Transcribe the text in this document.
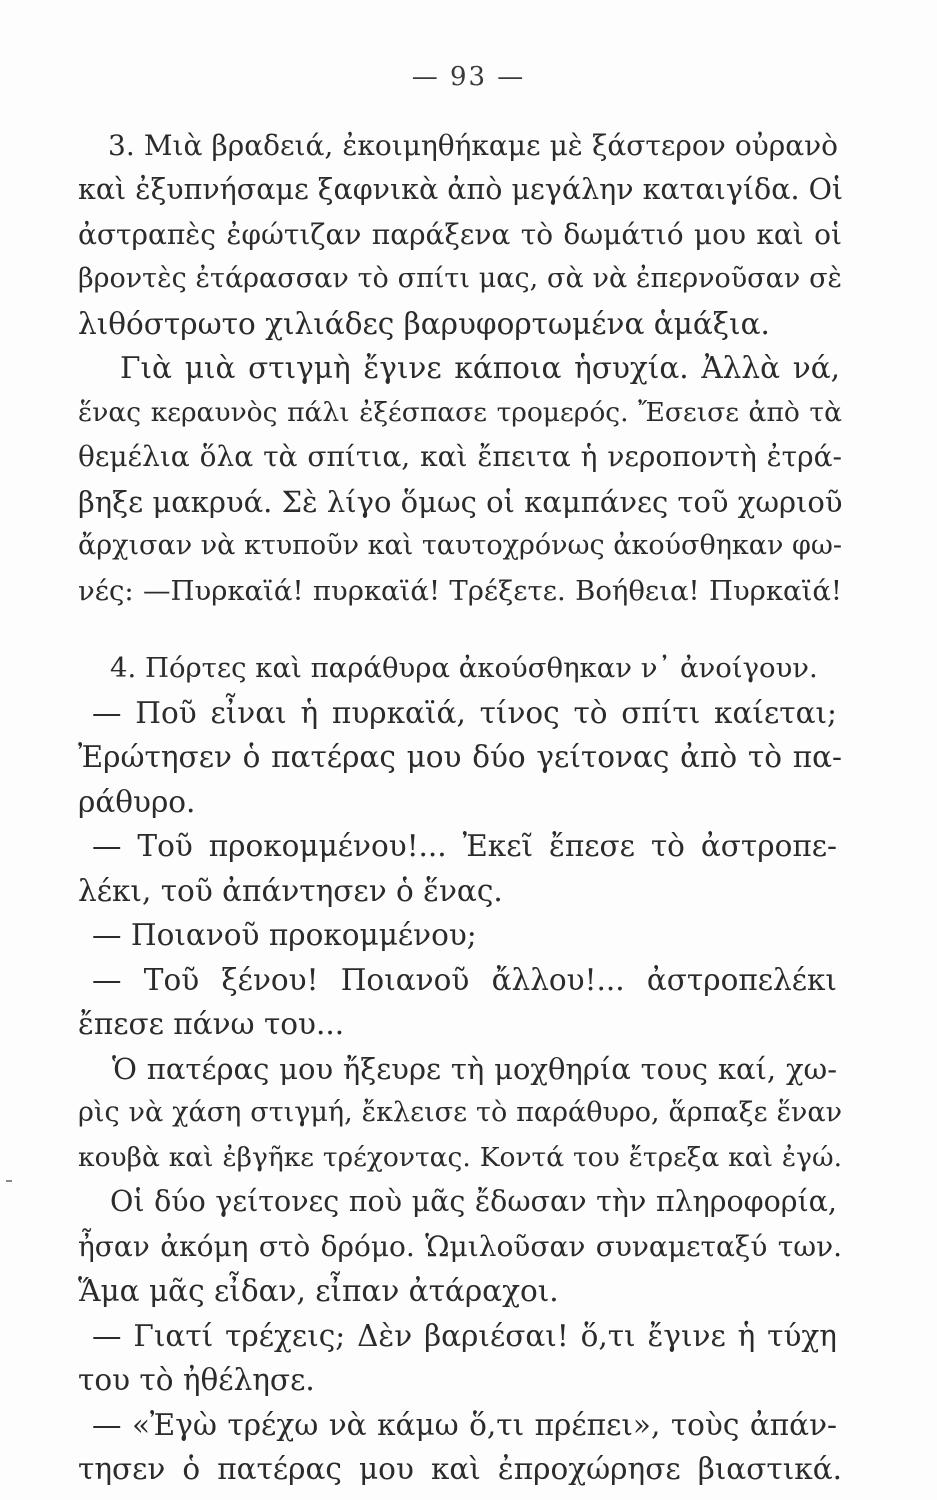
— 93 —
3. Μιὰ βραδειά, ἐκοιμηθήκαμε μὲ ξάστερον οὐρανὸ
καὶ ἐξυπνήσαμε ξαφνικὰ ἀπὸ μεγάλην καταιγίδα. Οἱ
ἀστραπὲς ἐφώτιζαν παράξενα τὸ δωμάτιό μου καὶ οἱ
βροντὲς ἐτάρασσαν τὸ σπίτι μας, σὰ νὰ ἐπερνοῦσαν σὲ
λιθόστρωτο χιλιάδες βαρυφορτωμένα ἁμάξια.
Γιὰ μιὰ στιγμὴ ἔγινε κάποια ἡσυχία. Ἀλλὰ νά,
ἕνας κεραυνὸς πάλι ἐξέσπασε τρομερός. Ἔσεισε ἀπὸ τὰ
θεμέλια ὅλα τὰ σπίτια, καὶ ἔπειτα ἡ νεροποντὴ ἐτρά-
βηξε μακρυά. Σὲ λίγο ὅμως οἱ καμπάνες τοῦ χωριοῦ
ἄρχισαν νὰ κτυποῦν καὶ ταυτοχρόνως ἀκούσθηκαν φω-
νές: —Πυρκαϊά! πυρκαϊά! Τρέξετε. Βοήθεια! Πυρκαϊά!
4. Πόρτες καὶ παράθυρα ἀκούσθηκαν ν᾽ ἀνοίγουν.
— Ποῦ εἶναι ἡ πυρκαϊά, τίνος τὸ σπίτι καίεται;
Ἐρώτησεν ὁ πατέρας μου δύο γείτονας ἀπὸ τὸ πα-
ράθυρο.
— Τοῦ προκομμένου!... Ἐκεῖ ἔπεσε τὸ ἀστροπε-
λέκι, τοῦ ἀπάντησεν ὁ ἕνας.
— Ποιανοῦ προκομμένου;
— Τοῦ ξένου! Ποιανοῦ ἄλλου!... ἀστροπελέκι
ἔπεσε πάνω του...
Ὁ πατέρας μου ἤξευρε τὴ μοχθηρία τους καί, χω-
ρὶς νὰ χάση στιγμή, ἔκλεισε τὸ παράθυρο, ἅρπαξε ἕναν
κουβὰ καὶ ἐβγῆκε τρέχοντας. Κοντά του ἔτρεξα καὶ ἐγώ.
Οἱ δύο γείτονες ποὺ μᾶς ἔδωσαν τὴν πληροφορία,
ἦσαν ἀκόμη στὸ δρόμο. Ὡμιλοῦσαν συναμεταξύ των.
Ἅμα μᾶς εἶδαν, εἶπαν ἀτάραχοι.
— Γιατί τρέχεις; Δὲν βαριέσαι! ὅ,τι ἔγινε ἡ τύχη
του τὸ ἠθέλησε.
— «Ἐγὼ τρέχω νὰ κάμω ὅ,τι πρέπει», τοὺς ἀπάν-
τησεν ὁ πατέρας μου καὶ ἐπροχώρησε βιαστικά.
